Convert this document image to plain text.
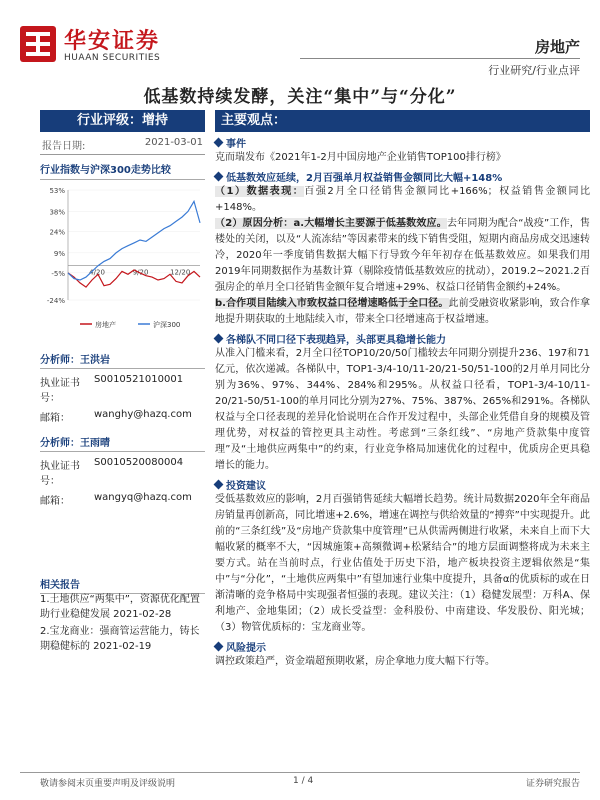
华安证券
HUAAN SECURITIES
房地产
行业研究/行业点评
低基数持续发酵，关注“集中”与“分化”
行业评级：增持
报告日期:	2021-03-01
行业指数与沪深300走势比较
53%
38%
24%
9%
-5%
-24%
4/20	9/20	12/20
房地产	沪深300
分析师：王洪岩
执业证书号：
S0010521010001
邮箱：	wanghy@hazq.com
分析师：王雨晴
执业证书号：
S0010520080004
邮箱：	wangyq@hazq.com
相关报告
1.土地供应“两集中”，资源优化配置助行业稳健发展 2021-02-28
2.宝龙商业：强商管运营能力，铸长期稳健标的 2021-02-19
主要观点：
事件
克而瑞发布《2021年1-2月中国房地产企业销售TOP100排行榜》
低基数效应延续，2月百强单月权益销售金额同比大幅+148%
（1）数据表现：百强2月全口径销售金额同比+166%；权益销售金额同比+148%。
（2）原因分析：a.大幅增长主要源于低基数效应。去年同期为配合“战疫”工作，售楼处的关闭，以及“人流冻结”等因素带来的线下销售受阻，短期内商品房成交迅速转冷，2020年一季度销售数据大幅下行导致今年年初存在低基数效应。如果我们用2019年同期数据作为基数计算（剔除疫情低基数效应的扰动），2019.2~2021.2百强房企的单月全口径销售金额年复合增速+29%、权益口径销售金额约+24%。
b.合作项目陆续入市致权益口径增速略低于全口径。此前受融资收紧影响，致合作拿地提升期获取的土地陆续入市，带来全口径增速高于权益增速。
各梯队不同口径下表现趋异，头部更具稳增长能力
从准入门槛来看，2月全口径TOP10/20/50门槛较去年同期分别提升236、197和71亿元，依次递减。各梯队中，TOP1-3/4-10/11-20/21-50/51-100的2月单月同比分别为36%、97%、344%、284%和295%。从权益口径看，TOP1-3/4-10/11-20/21-50/51-100的单月同比分别为27%、75%、387%、265%和291%。各梯队权益与全口径表现的差异化恰说明在合作开发过程中，头部企业凭借自身的规模及管理优势，对权益的管控更具主动性。考虑到“三条红线”、“房地产贷款集中度管理”及“土地供应两集中”的约束，行业竞争格局加速优化的过程中，优质房企更具稳增长的能力。
投资建议
受低基数效应的影响，2月百强销售延续大幅增长趋势。统计局数据2020年全年商品房销量再创新高，同比增速+2.6%，增速在调控与供给效量的“搏弈”中实现提升。此前的“三条红线”及“房地产贷款集中度管理”已从供需两侧进行收紧，未来自上而下大幅收紧的概率不大，“因城施策+高频微调+松紧结合”的地方层面调整将成为未来主要方式。站在当前时点，行业估值处于历史下沿，地产板块投资主逻辑依然是“集中”与“分化”，“土地供应两集中”有望加速行业集中度提升，具备α的优质标的或在日渐清晰的竞争格局中实现强者恒强的表现。建议关注：（1）稳健发展型：万科A、保利地产、金地集团；（2）成长受益型：金科股份、中南建设、华发股份、阳光城；（3）物管优质标的：宝龙商业等。
风险提示
调控政策趋严，资金端超预期收紧，房企拿地力度大幅下行等。
敬请参阅末页重要声明及评级说明	1 / 4	证券研究报告
